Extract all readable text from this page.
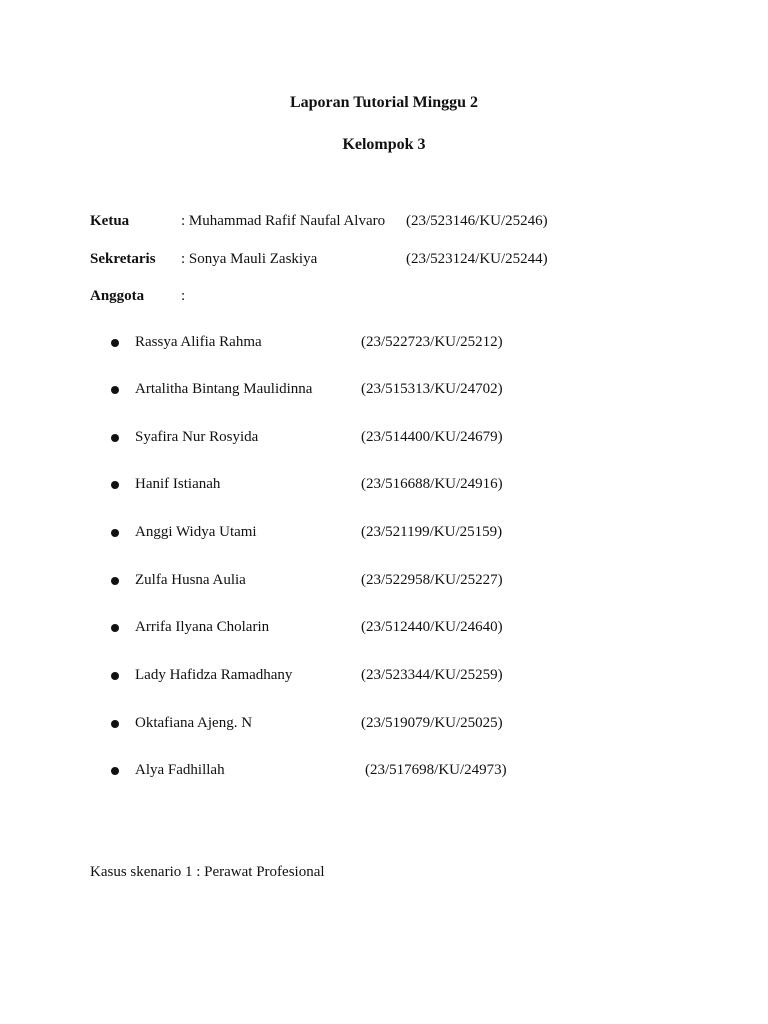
Laporan Tutorial Minggu 2
Kelompok 3
Ketua	: Muhammad Rafif Naufal Alvaro (23/523146/KU/25246)
Sekretaris : Sonya Mauli Zaskiya	(23/523124/KU/25244)
Anggota :
Rassya Alifia Rahma	(23/522723/KU/25212)
Artalitha Bintang Maulidinna	(23/515313/KU/24702)
Syafira Nur Rosyida	(23/514400/KU/24679)
Hanif Istianah	(23/516688/KU/24916)
Anggi Widya Utami	(23/521199/KU/25159)
Zulfa Husna Aulia	(23/522958/KU/25227)
Arrifa Ilyana Cholarin	(23/512440/KU/24640)
Lady Hafidza Ramadhany	(23/523344/KU/25259)
Oktafiana Ajeng. N	(23/519079/KU/25025)
Alya Fadhillah	(23/517698/KU/24973)

Kasus skenario 1 : Perawat Profesional
